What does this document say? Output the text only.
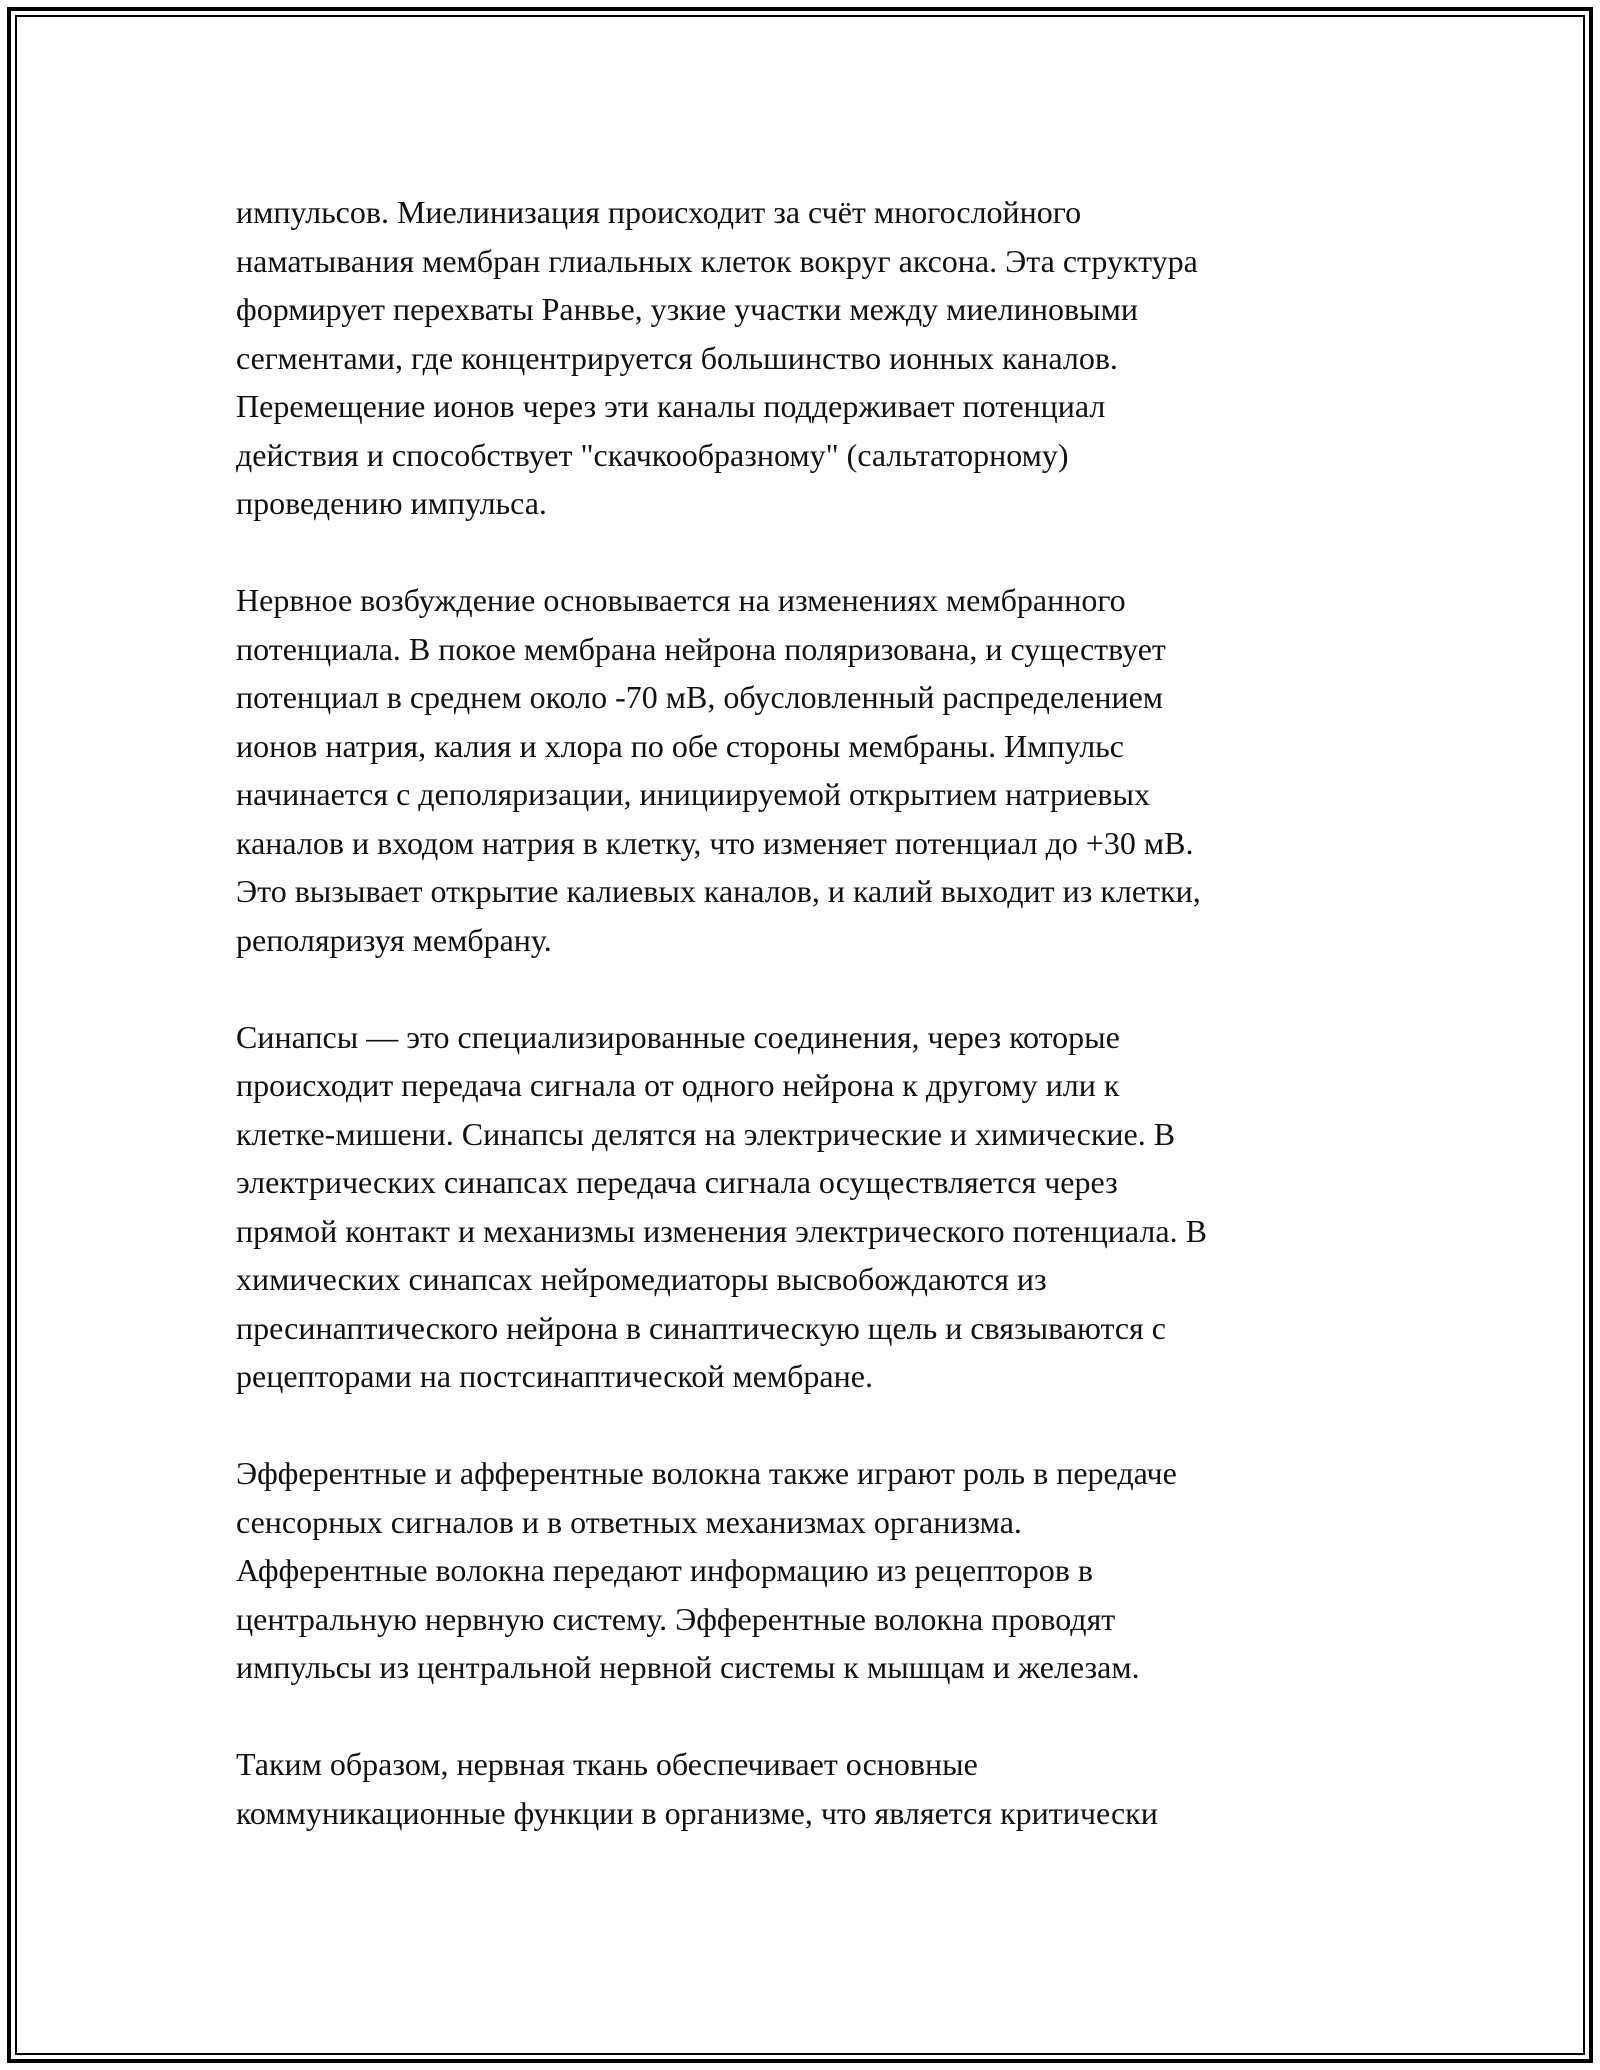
импульсов. Миелинизация происходит за счёт многослойного
наматывания мембран глиальных клеток вокруг аксона. Эта структура
формирует перехваты Ранвье, узкие участки между миелиновыми
сегментами, где концентрируется большинство ионных каналов.
Перемещение ионов через эти каналы поддерживает потенциал
действия и способствует "скачкообразному" (сальтаторному)
проведению импульса.

Нервное возбуждение основывается на изменениях мембранного
потенциала. В покое мембрана нейрона поляризована, и существует
потенциал в среднем около -70 мВ, обусловленный распределением
ионов натрия, калия и хлора по обе стороны мембраны. Импульс
начинается с деполяризации, инициируемой открытием натриевых
каналов и входом натрия в клетку, что изменяет потенциал до +30 мВ.
Это вызывает открытие калиевых каналов, и калий выходит из клетки,
реполяризуя мембрану.

Синапсы — это специализированные соединения, через которые
происходит передача сигнала от одного нейрона к другому или к
клетке-мишени. Синапсы делятся на электрические и химические. В
электрических синапсах передача сигнала осуществляется через
прямой контакт и механизмы изменения электрического потенциала. В
химических синапсах нейромедиаторы высвобождаются из
пресинаптического нейрона в синаптическую щель и связываются с
рецепторами на постсинаптической мембране.

Эфферентные и афферентные волокна также играют роль в передаче
сенсорных сигналов и в ответных механизмах организма.
Афферентные волокна передают информацию из рецепторов в
центральную нервную систему. Эфферентные волокна проводят
импульсы из центральной нервной системы к мышцам и железам.

Таким образом, нервная ткань обеспечивает основные
коммуникационные функции в организме, что является критически
